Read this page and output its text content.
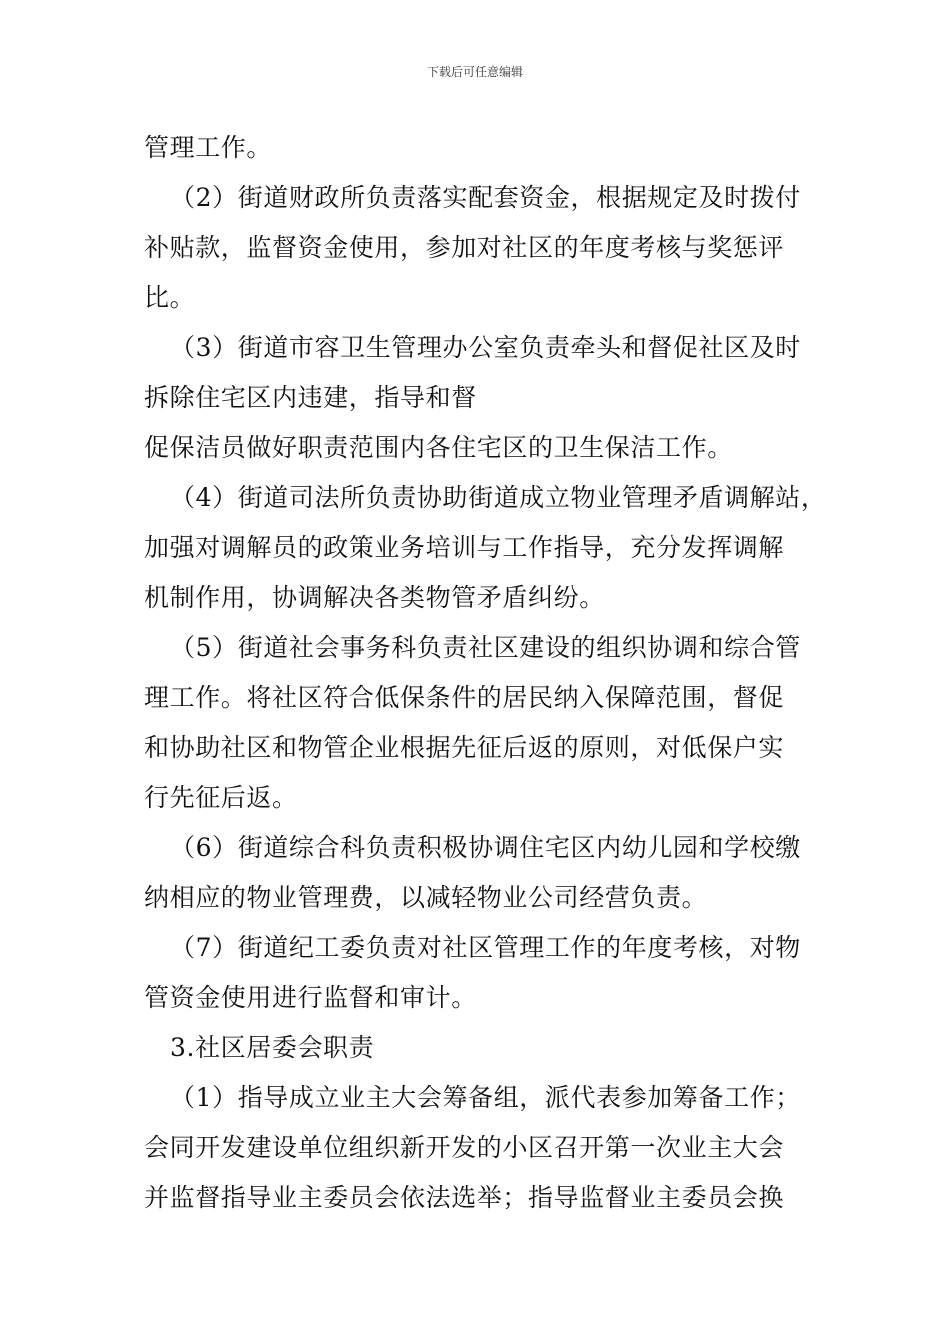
下载后可任意编辑
管理工作。
（2）街道财政所负责落实配套资金，根据规定及时拨付
补贴款，监督资金使用，参加对社区的年度考核与奖惩评
比。
（3）街道市容卫生管理办公室负责牵头和督促社区及时
拆除住宅区内违建，指导和督
促保洁员做好职责范围内各住宅区的卫生保洁工作。
（4）街道司法所负责协助街道成立物业管理矛盾调解站，
加强对调解员的政策业务培训与工作指导，充分发挥调解
机制作用，协调解决各类物管矛盾纠纷。
（5）街道社会事务科负责社区建设的组织协调和综合管
理工作。将社区符合低保条件的居民纳入保障范围，督促
和协助社区和物管企业根据先征后返的原则，对低保户实
行先征后返。
（6）街道综合科负责积极协调住宅区内幼儿园和学校缴
纳相应的物业管理费，以减轻物业公司经营负责。
（7）街道纪工委负责对社区管理工作的年度考核，对物
管资金使用进行监督和审计。
3.社区居委会职责
（1）指导成立业主大会筹备组，派代表参加筹备工作；
会同开发建设单位组织新开发的小区召开第一次业主大会
并监督指导业主委员会依法选举；指导监督业主委员会换
